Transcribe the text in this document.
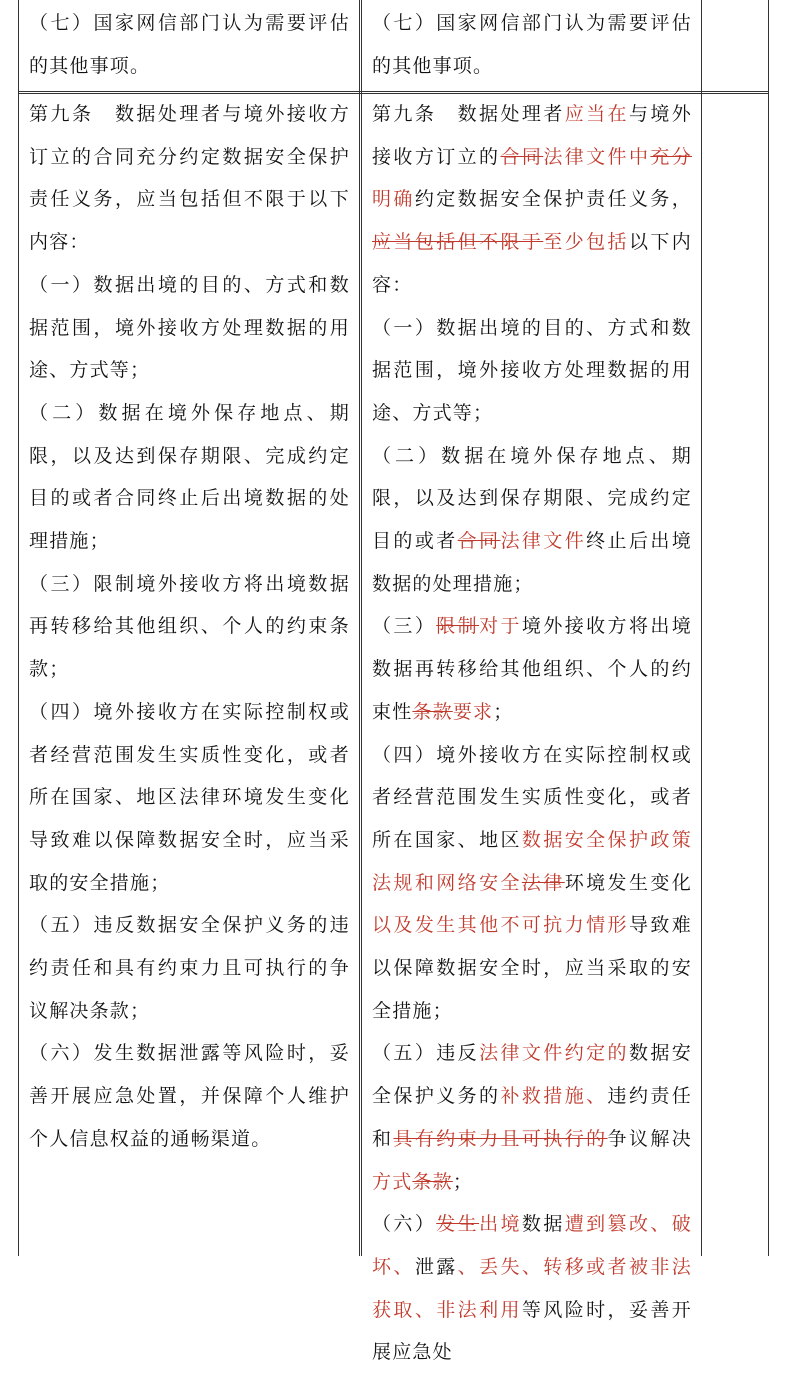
（七）国家网信部门认为需要评估的其他事项。

（七）国家网信部门认为需要评估的其他事项。

第九条　数据处理者与境外接收方订立的合同充分约定数据安全保护责任义务，应当包括但不限于以下内容：

（一）数据出境的目的、方式和数据范围，境外接收方处理数据的用途、方式等；

（二）数据在境外保存地点、期限，以及达到保存期限、完成约定目的或者合同终止后出境数据的处理措施；

（三）限制境外接收方将出境数据再转移给其他组织、个人的约束条款；

（四）境外接收方在实际控制权或者经营范围发生实质性变化，或者所在国家、地区法律环境发生变化导致难以保障数据安全时，应当采取的安全措施；

（五）违反数据安全保护义务的违约责任和具有约束力且可执行的争议解决条款；

（六）发生数据泄露等风险时，妥善开展应急处置，并保障个人维护个人信息权益的通畅渠道。

第九条　数据处理者应当在与境外接收方订立的合同法律文件中充分明确约定数据安全保护责任义务，应当包括但不限于至少包括以下内容：

（一）数据出境的目的、方式和数据范围，境外接收方处理数据的用途、方式等；

（二）数据在境外保存地点、期限，以及达到保存期限、完成约定目的或者合同法律文件终止后出境数据的处理措施；

（三）限制对于境外接收方将出境数据再转移给其他组织、个人的约束性条款要求；

（四）境外接收方在实际控制权或者经营范围发生实质性变化，或者所在国家、地区数据安全保护政策法规和网络安全法律环境发生变化以及发生其他不可抗力情形导致难以保障数据安全时，应当采取的安全措施；

（五）违反法律文件约定的数据安全保护义务的补救措施、违约责任和具有约束力且可执行的争议解决方式条款；

（六）发生出境数据遭到篡改、破坏、泄露、丢失、转移或者被非法获取、非法利用等风险时，妥善开展应急处
